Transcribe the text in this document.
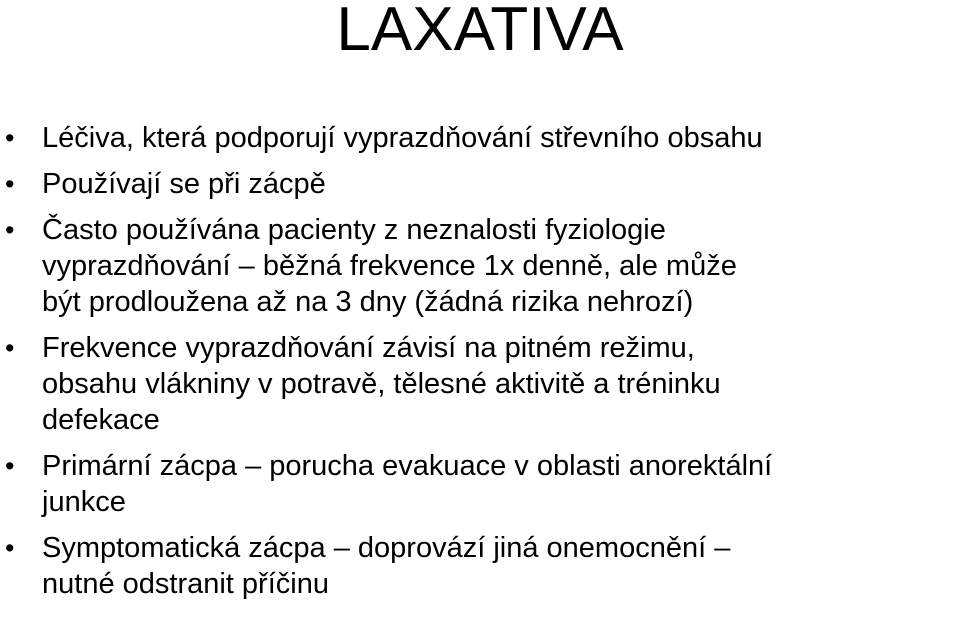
LAXATIVA
• Léčiva, která podporují vyprazdňování střevního obsahu
• Používají se při zácpě
• Často používána pacienty z neznalosti fyziologie
vyprazdňování – běžná frekvence 1x denně, ale může
být prodloužena až na 3 dny (žádná rizika nehrozí)
• Frekvence vyprazdňování závisí na pitném režimu,
obsahu vlákniny v potravě, tělesné aktivitě a tréninku
defekace
• Primární zácpa – porucha evakuace v oblasti anorektální
junkce
• Symptomatická zácpa – doprovází jiná onemocnění –
nutné odstranit příčinu
